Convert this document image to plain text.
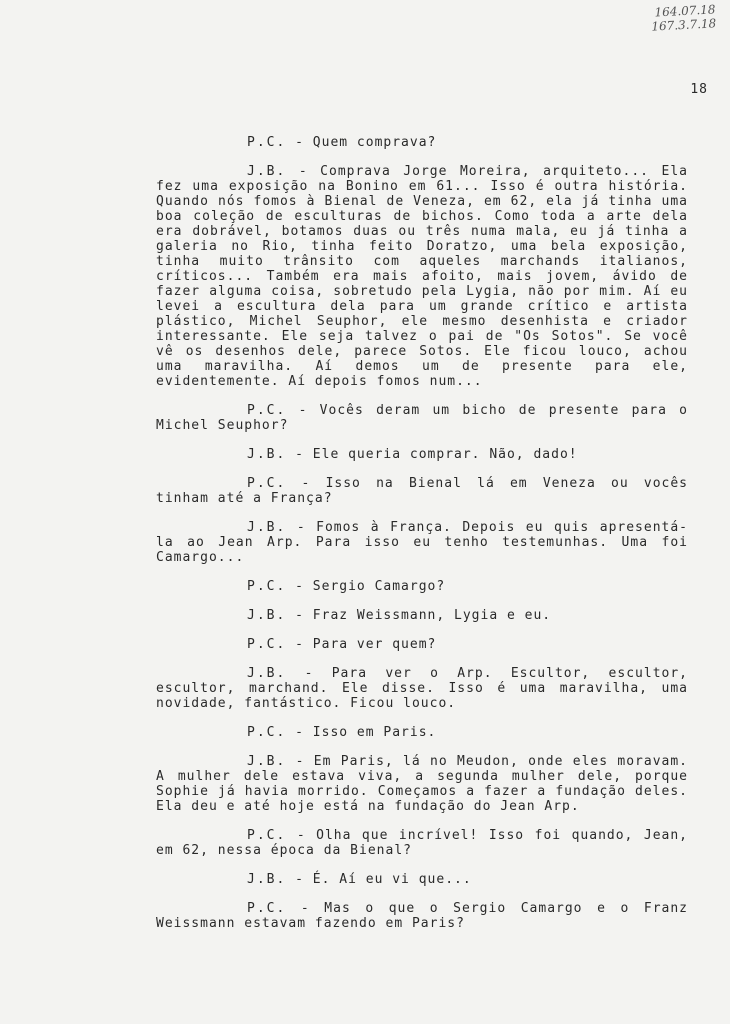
164.07.18
167.3.7.18
18

P.C. - Quem comprava?

J.B. - Comprava Jorge Moreira, arquiteto... Ela fez uma exposição na Bonino em 61... Isso é outra história. Quando nós fomos à Bienal de Veneza, em 62, ela já tinha uma boa coleção de esculturas de bichos. Como toda a arte dela era dobrável, botamos duas ou três numa mala, eu já tinha a galeria no Rio, tinha feito Doratzo, uma bela exposição, tinha muito trânsito com aqueles marchands italianos, críticos... Também era mais afoito, mais jovem, ávido de fazer alguma coisa, sobretudo pela Lygia, não por mim. Aí eu levei a escultura dela para um grande crítico e artista plástico, Michel Seuphor, ele mesmo desenhista e criador interessante. Ele seja talvez o pai de "Os Sotos". Se você vê os desenhos dele, parece Sotos. Ele ficou louco, achou uma maravilha. Aí demos um de presente para ele, evidentemente. Aí depois fomos num...

P.C. - Vocês deram um bicho de presente para o Michel Seuphor?

J.B. - Ele queria comprar. Não, dado!

P.C. - Isso na Bienal lá em Veneza ou vocês tinham até a França?

J.B. - Fomos à França. Depois eu quis apresentá-la ao Jean Arp. Para isso eu tenho testemunhas. Uma foi Camargo...

P.C. - Sergio Camargo?

J.B. - Fraz Weissmann, Lygia e eu.

P.C. - Para ver quem?

J.B. - Para ver o Arp. Escultor, escultor, escultor, marchand. Ele disse. Isso é uma maravilha, uma novidade, fantástico. Ficou louco.

P.C. - Isso em Paris.

J.B. - Em Paris, lá no Meudon, onde eles moravam. A mulher dele estava viva, a segunda mulher dele, porque Sophie já havia morrido. Começamos a fazer a fundação deles. Ela deu e até hoje está na fundação do Jean Arp.

P.C. - Olha que incrível! Isso foi quando, Jean, em 62, nessa época da Bienal?

J.B. - É. Aí eu vi que...

P.C. - Mas o que o Sergio Camargo e o Franz Weissmann estavam fazendo em Paris?
